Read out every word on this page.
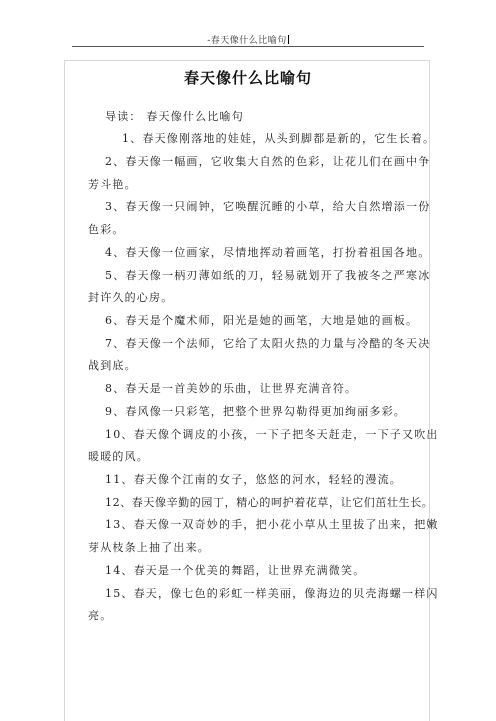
-春天像什么比喻句
春天像什么比喻句
导读： 春天像什么比喻句
1、春天像刚落地的娃娃，从头到脚都是新的，它生长着。
2、春天像一幅画，它收集大自然的色彩，让花儿们在画中争
芳斗艳。
3、春天像一只闹钟，它唤醒沉睡的小草，给大自然增添一份
色彩。
4、春天像一位画家，尽情地挥动着画笔，打扮着祖国各地。
5、春天像一柄刃薄如纸的刀，轻易就划开了我被冬之严寒冰
封许久的心房。
6、春天是个魔术师，阳光是她的画笔，大地是她的画板。
7、春天像一个法师，它给了太阳火热的力量与冷酷的冬天决
战到底。
8、春天是一首美妙的乐曲，让世界充满音符。
9、春风像一只彩笔，把整个世界勾勒得更加绚丽多彩。
10、春天像个调皮的小孩，一下子把冬天赶走，一下子又吹出
暖暖的风。
11、春天像个江南的女子，悠悠的河水，轻轻的漫流。
12、春天像辛勤的园丁，精心的呵护着花草，让它们茁壮生长。
13、春天像一双奇妙的手，把小花小草从土里拔了出来，把嫩
芽从枝条上抽了出来。
14、春天是一个优美的舞蹈，让世界充满微笑。
15、春天，像七色的彩虹一样美丽，像海边的贝壳海螺一样闪
亮。
